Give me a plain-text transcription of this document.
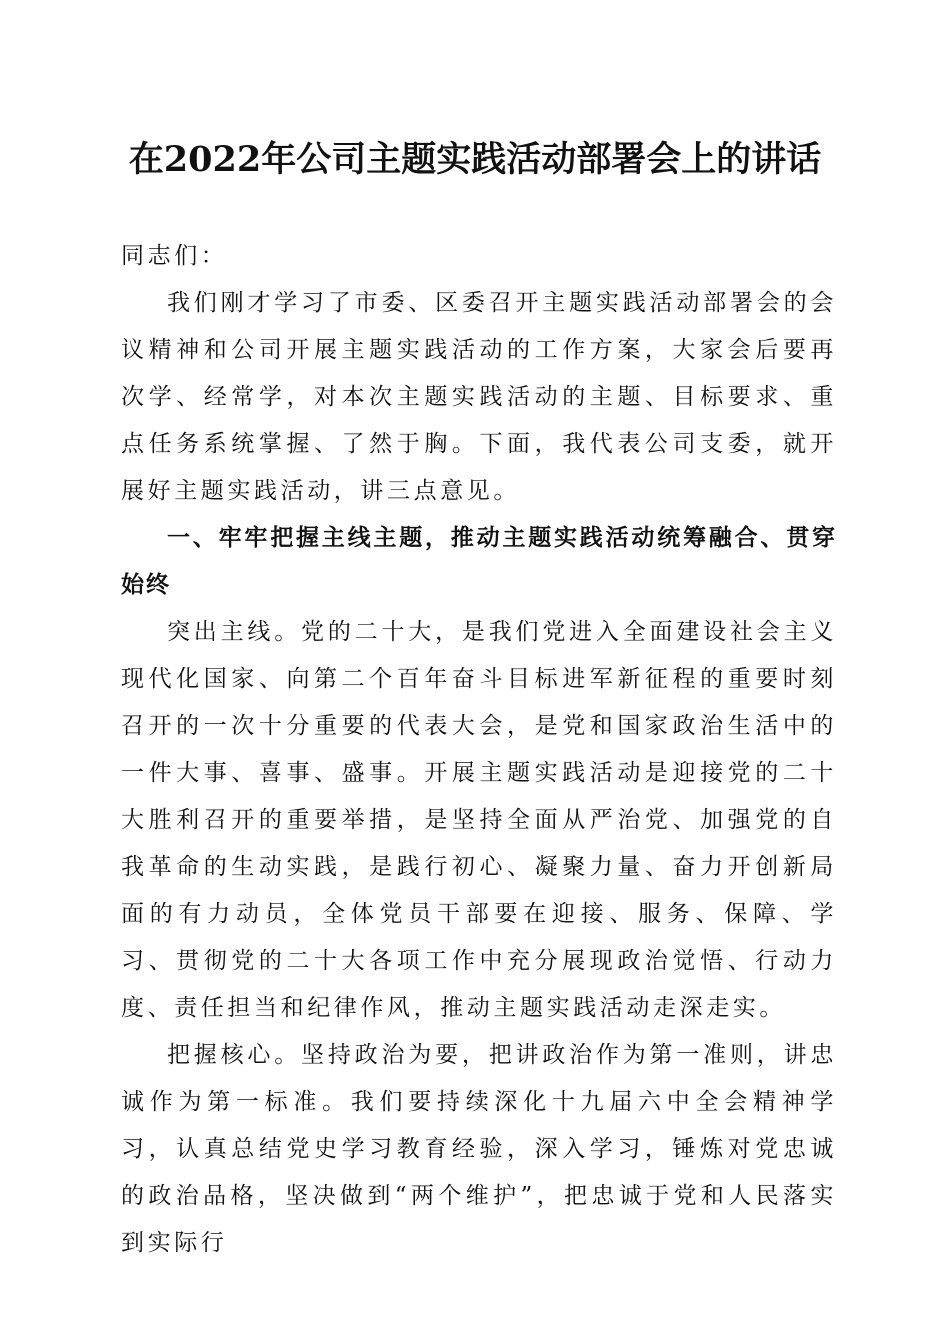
在2022年公司主题实践活动部署会上的讲话

同志们：

我们刚才学习了市委、区委召开主题实践活动部署会的会议精神和公司开展主题实践活动的工作方案，大家会后要再次学、经常学，对本次主题实践活动的主题、目标要求、重点任务系统掌握、了然于胸。下面，我代表公司支委，就开展好主题实践活动，讲三点意见。

一、牢牢把握主线主题，推动主题实践活动统筹融合、贯穿始终

突出主线。党的二十大，是我们党进入全面建设社会主义现代化国家、向第二个百年奋斗目标进军新征程的重要时刻召开的一次十分重要的代表大会，是党和国家政治生活中的一件大事、喜事、盛事。开展主题实践活动是迎接党的二十大胜利召开的重要举措，是坚持全面从严治党、加强党的自我革命的生动实践，是践行初心、凝聚力量、奋力开创新局面的有力动员，全体党员干部要在迎接、服务、保障、学习、贯彻党的二十大各项工作中充分展现政治觉悟、行动力度、责任担当和纪律作风，推动主题实践活动走深走实。

把握核心。坚持政治为要，把讲政治作为第一准则，讲忠诚作为第一标准。我们要持续深化十九届六中全会精神学习，认真总结党史学习教育经验，深入学习，锤炼对党忠诚的政治品格，坚决做到“两个维护”，把忠诚于党和人民落实到实际行
